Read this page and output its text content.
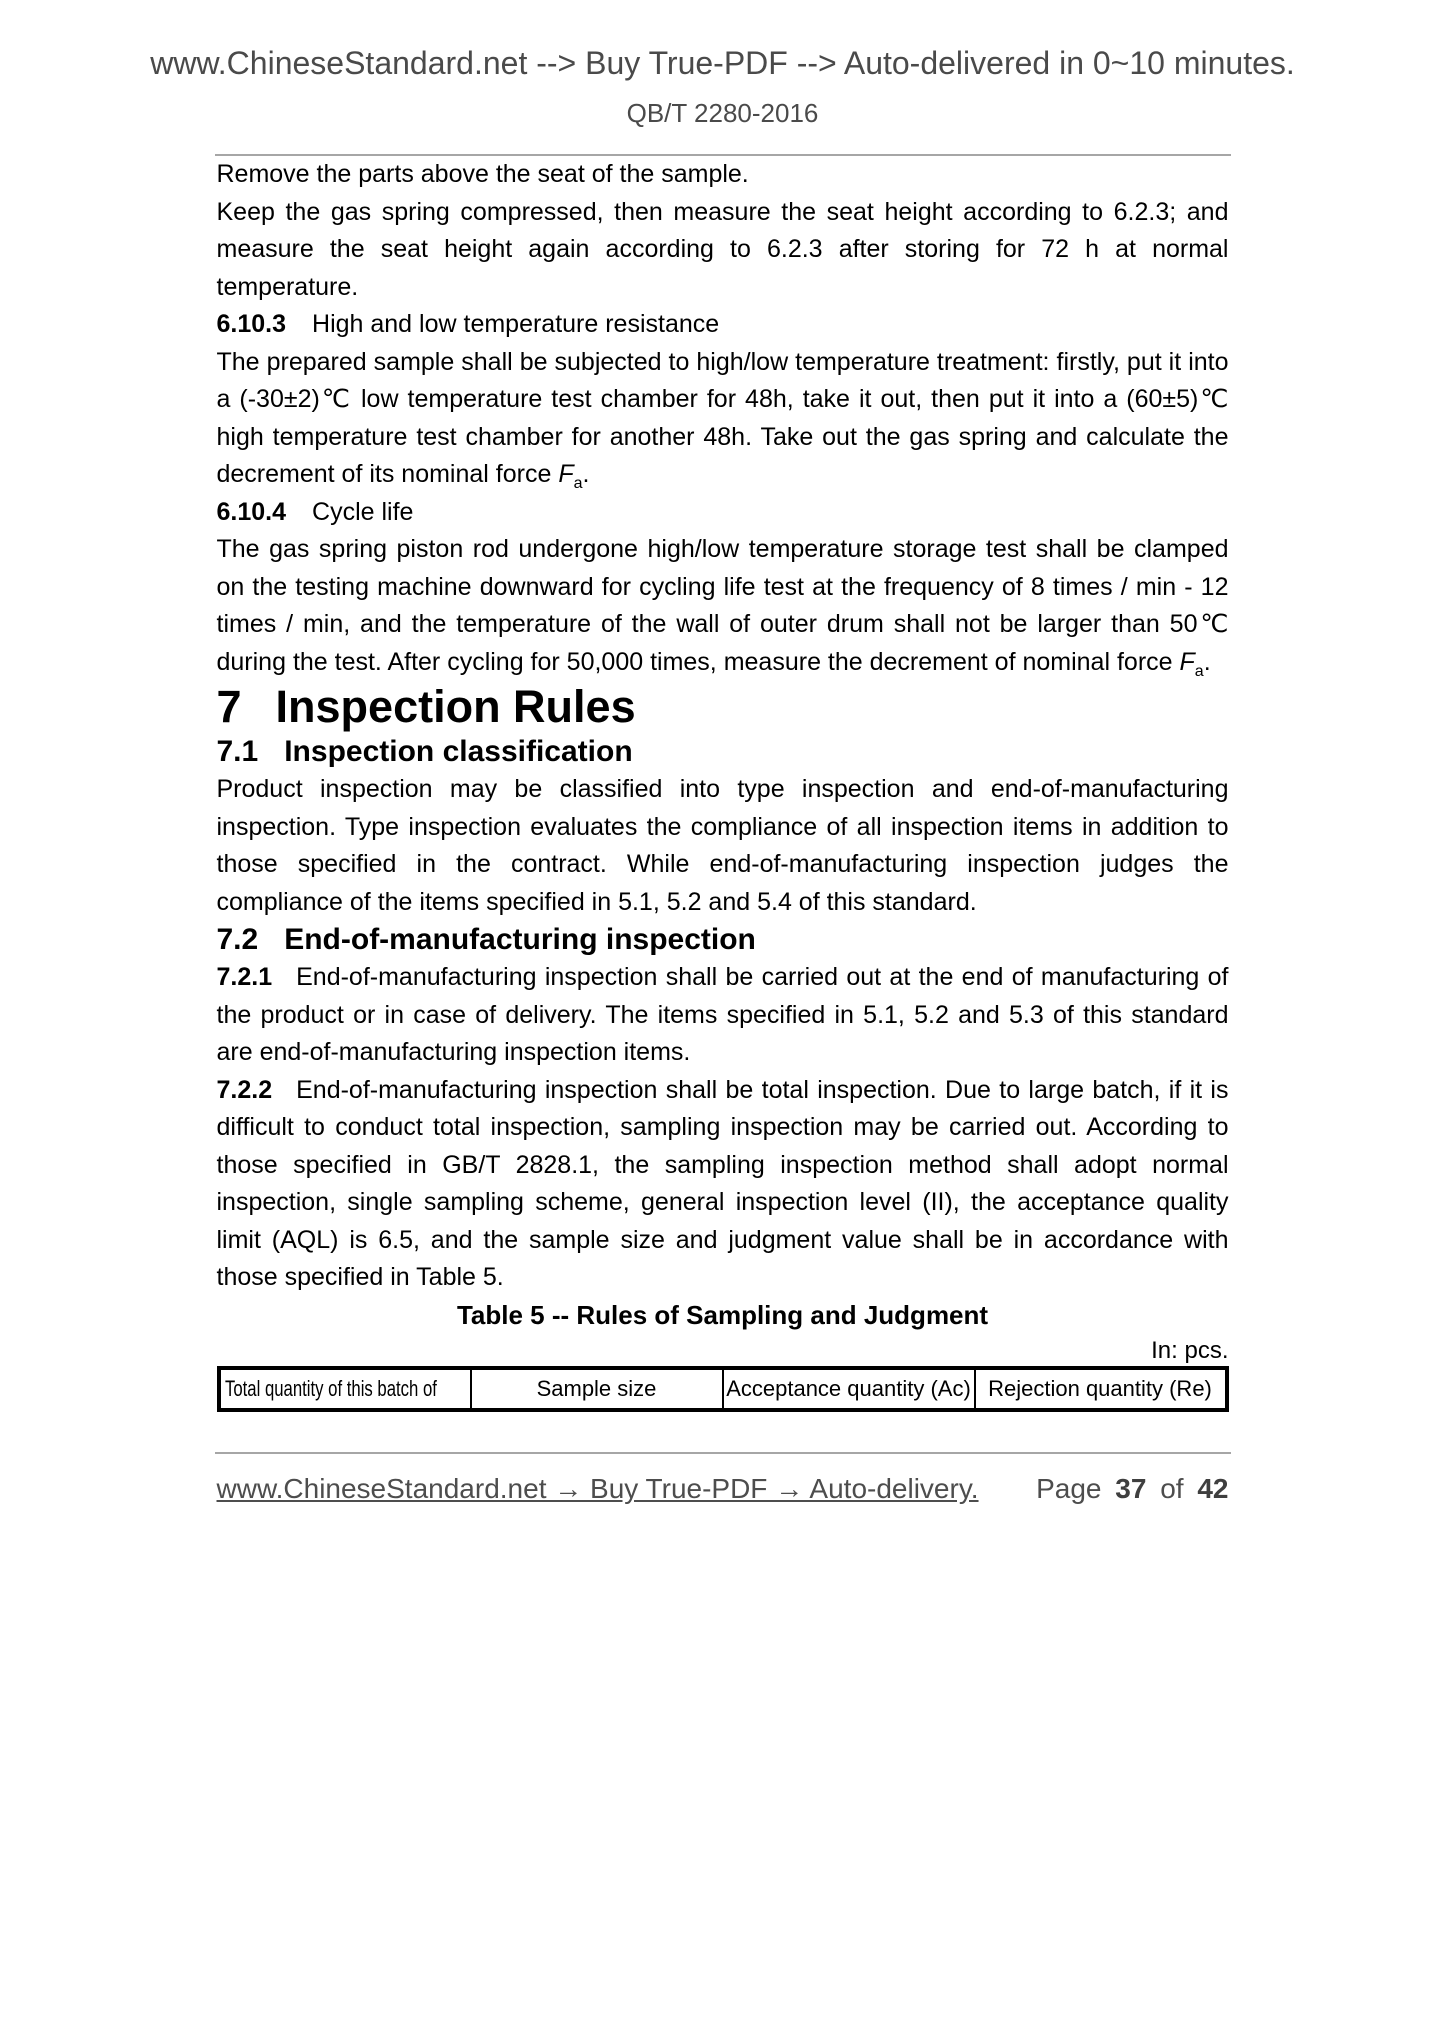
www.ChineseStandard.net --> Buy True-PDF --> Auto-delivered in 0~10 minutes.
QB/T 2280-2016

Remove the parts above the seat of the sample.

Keep the gas spring compressed, then measure the seat height according to 6.2.3; and measure the seat height again according to 6.2.3 after storing for 72 h at normal temperature.

6.10.3 High and low temperature resistance

The prepared sample shall be subjected to high/low temperature treatment: firstly, put it into a (-30±2)℃ low temperature test chamber for 48h, take it out, then put it into a (60±5)℃ high temperature test chamber for another 48h. Take out the gas spring and calculate the decrement of its nominal force $F_a$.

6.10.4 Cycle life

The gas spring piston rod undergone high/low temperature storage test shall be clamped on the testing machine downward for cycling life test at the frequency of 8 times / min - 12 times / min, and the temperature of the wall of outer drum shall not be larger than 50℃ during the test. After cycling for 50,000 times, measure the decrement of nominal force $F_a$.

7 Inspection Rules

7.1 Inspection classification

Product inspection may be classified into type inspection and end-of-manufacturing inspection. Type inspection evaluates the compliance of all inspection items in addition to those specified in the contract. While end-of-manufacturing inspection judges the compliance of the items specified in 5.1, 5.2 and 5.4 of this standard.

7.2 End-of-manufacturing inspection

7.2.1 End-of-manufacturing inspection shall be carried out at the end of manufacturing of the product or in case of delivery. The items specified in 5.1, 5.2 and 5.3 of this standard are end-of-manufacturing inspection items.

7.2.2 End-of-manufacturing inspection shall be total inspection. Due to large batch, if it is difficult to conduct total inspection, sampling inspection may be carried out. According to those specified in GB/T 2828.1, the sampling inspection method shall adopt normal inspection, single sampling scheme, general inspection level (II), the acceptance quality limit (AQL) is 6.5, and the sample size and judgment value shall be in accordance with those specified in Table 5.

Table 5 -- Rules of Sampling and Judgment

In: pcs.

Total quantity of this batch of	Sample size	Acceptance quantity (Ac)	Rejection quantity (Re)
www.ChineseStandard.net → Buy True-PDF → Auto-delivery. Page 37 of 42
